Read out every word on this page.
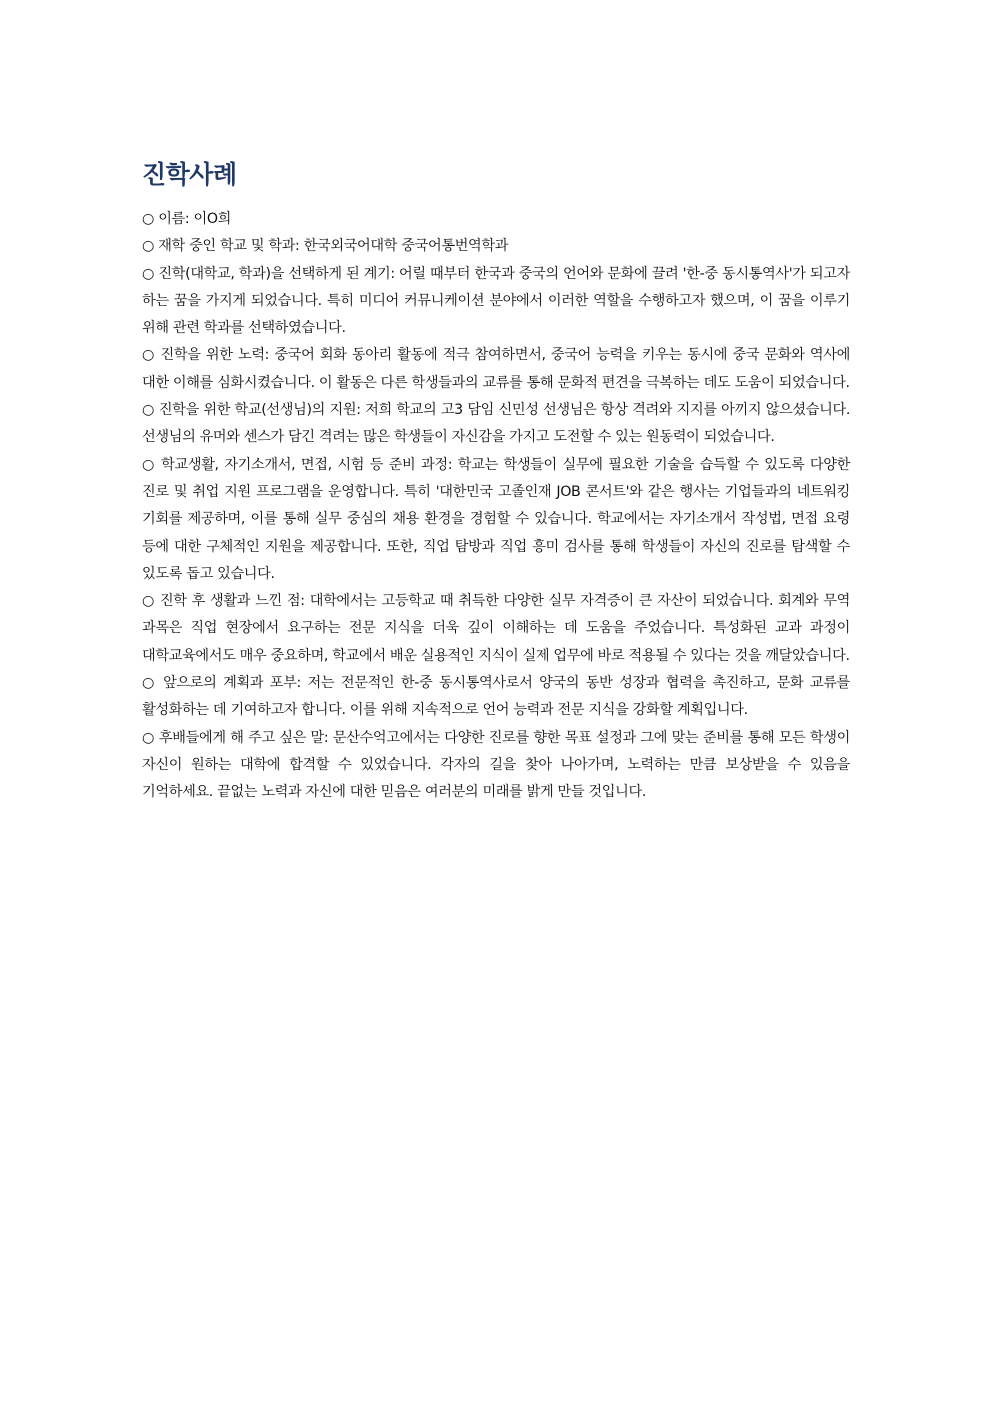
진학사례

○ 이름: 이O희

○ 재학 중인 학교 및 학과: 한국외국어대학 중국어통번역학과

○ 진학(대학교, 학과)을 선택하게 된 계기: 어릴 때부터 한국과 중국의 언어와 문화에 끌려 '한-중 동시통역사'가 되고자 하는 꿈을 가지게 되었습니다. 특히 미디어 커뮤니케이션 분야에서 이러한 역할을 수행하고자 했으며, 이 꿈을 이루기 위해 관련 학과를 선택하였습니다.

○ 진학을 위한 노력: 중국어 회화 동아리 활동에 적극 참여하면서, 중국어 능력을 키우는 동시에 중국 문화와 역사에 대한 이해를 심화시켰습니다. 이 활동은 다른 학생들과의 교류를 통해 문화적 편견을 극복하는 데도 도움이 되었습니다.

○ 진학을 위한 학교(선생님)의 지원: 저희 학교의 고3 담임 신민성 선생님은 항상 격려와 지지를 아끼지 않으셨습니다. 선생님의 유머와 센스가 담긴 격려는 많은 학생들이 자신감을 가지고 도전할 수 있는 원동력이 되었습니다.

○ 학교생활, 자기소개서, 면접, 시험 등 준비 과정: 학교는 학생들이 실무에 필요한 기술을 습득할 수 있도록 다양한 진로 및 취업 지원 프로그램을 운영합니다. 특히 '대한민국 고졸인재 JOB 콘서트'와 같은 행사는 기업들과의 네트워킹 기회를 제공하며, 이를 통해 실무 중심의 채용 환경을 경험할 수 있습니다. 학교에서는 자기소개서 작성법, 면접 요령 등에 대한 구체적인 지원을 제공합니다. 또한, 직업 탐방과 직업 흥미 검사를 통해 학생들이 자신의 진로를 탐색할 수 있도록 돕고 있습니다.

○ 진학 후 생활과 느낀 점: 대학에서는 고등학교 때 취득한 다양한 실무 자격증이 큰 자산이 되었습니다. 회계와 무역 과목은 직업 현장에서 요구하는 전문 지식을 더욱 깊이 이해하는 데 도움을 주었습니다. 특성화된 교과 과정이 대학교육에서도 매우 중요하며, 학교에서 배운 실용적인 지식이 실제 업무에 바로 적용될 수 있다는 것을 깨달았습니다.

○ 앞으로의 계획과 포부: 저는 전문적인 한-중 동시통역사로서 양국의 동반 성장과 협력을 촉진하고, 문화 교류를 활성화하는 데 기여하고자 합니다. 이를 위해 지속적으로 언어 능력과 전문 지식을 강화할 계획입니다.

○ 후배들에게 해 주고 싶은 말: 문산수억고에서는 다양한 진로를 향한 목표 설정과 그에 맞는 준비를 통해 모든 학생이 자신이 원하는 대학에 합격할 수 있었습니다. 각자의 길을 찾아 나아가며, 노력하는 만큼 보상받을 수 있음을 기억하세요. 끝없는 노력과 자신에 대한 믿음은 여러분의 미래를 밝게 만들 것입니다.
